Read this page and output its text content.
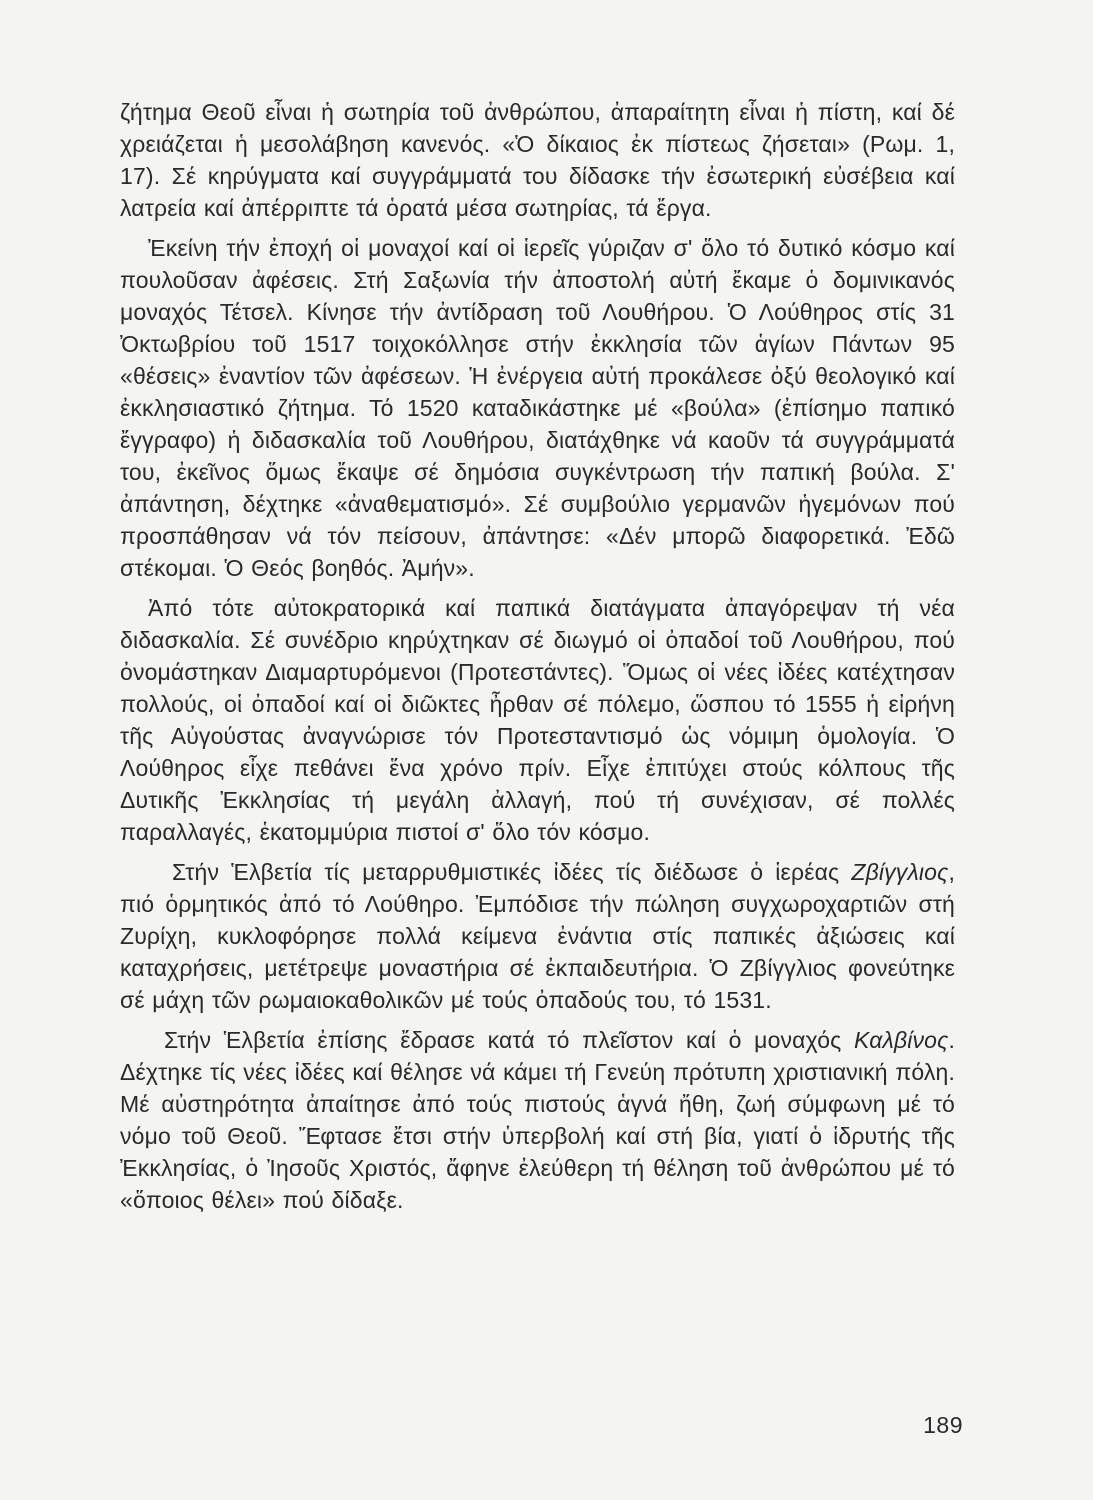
ζήτημα Θεοῦ εἶναι ἡ σωτηρία τοῦ ἀνθρώπου, ἀπαραίτητη εἶναι ἡ πίστη, καί δέ χρειάζεται ἡ μεσολάβηση κανενός. «Ὁ δίκαιος ἐκ πίστεως ζήσεται» (Ρωμ. 1, 17). Σέ κηρύγματα καί συγγράμματά του δίδασκε τήν ἐσωτερική εὐσέβεια καί λατρεία καί ἀπέρριπτε τά ὁρατά μέσα σωτηρίας, τά ἔργα.

Ἐκείνη τήν ἐποχή οἱ μοναχοί καί οἱ ἱερεῖς γύριζαν σ' ὅλο τό δυτικό κόσμο καί πουλοῦσαν ἀφέσεις. Στή Σαξωνία τήν ἀποστολή αὐτή ἔκαμε ὁ δομινικανός μοναχός Τέτσελ. Κίνησε τήν ἀντίδραση τοῦ Λουθήρου. Ὁ Λούθηρος στίς 31 Ὀκτωβρίου τοῦ 1517 τοιχοκόλλησε στήν ἐκκλησία τῶν ἁγίων Πάντων 95 «θέσεις» ἐναντίον τῶν ἀφέσεων. Ἡ ἐνέργεια αὐτή προκάλεσε ὀξύ θεολογικό καί ἐκκλησιαστικό ζήτημα. Τό 1520 καταδικάστηκε μέ «βούλα» (ἐπίσημο παπικό ἔγγραφο) ἡ διδασκαλία τοῦ Λουθήρου, διατάχθηκε νά καοῦν τά συγγράμματά του, ἐκεῖνος ὅμως ἔκαψε σέ δημόσια συγκέντρωση τήν παπική βούλα. Σ' ἀπάντηση, δέχτηκε «ἀναθεματισμό». Σέ συμβούλιο γερμανῶν ἡγεμόνων πού προσπάθησαν νά τόν πείσουν, ἀπάντησε: «Δέν μπορῶ διαφορετικά. Ἐδῶ στέκομαι. Ὁ Θεός βοηθός. Ἀμήν».

Ἀπό τότε αὐτοκρατορικά καί παπικά διατάγματα ἀπαγόρεψαν τή νέα διδασκαλία. Σέ συνέδριο κηρύχτηκαν σέ διωγμό οἱ ὀπαδοί τοῦ Λουθήρου, πού ὀνομάστηκαν Διαμαρτυρόμενοι (Προτεστάντες). Ὅμως οἱ νέες ἰδέες κατέχτησαν πολλούς, οἱ ὀπαδοί καί οἱ διῶκτες ἦρθαν σέ πόλεμο, ὥσπου τό 1555 ἡ εἰρήνη τῆς Αὐγούστας ἀναγνώρισε τόν Προτεσταντισμό ὡς νόμιμη ὁμολογία. Ὁ Λούθηρος εἶχε πεθάνει ἕνα χρόνο πρίν. Εἶχε ἐπιτύχει στούς κόλπους τῆς Δυτικῆς Ἐκκλησίας τή μεγάλη ἀλλαγή, πού τή συνέχισαν, σέ πολλές παραλλαγές, ἑκατομμύρια πιστοί σ' ὅλο τόν κόσμο.

Στήν Ἑλβετία τίς μεταρρυθμιστικές ἰδέες τίς διέδωσε ὁ ἱερέας Ζβίγγλιος, πιό ὁρμητικός ἀπό τό Λούθηρο. Ἐμπόδισε τήν πώληση συγχωροχαρτιῶν στή Ζυρίχη, κυκλοφόρησε πολλά κείμενα ἐνάντια στίς παπικές ἀξιώσεις καί καταχρήσεις, μετέτρεψε μοναστήρια σέ ἐκπαιδευτήρια. Ὁ Ζβίγγλιος φονεύτηκε σέ μάχη τῶν ρωμαιοκαθολικῶν μέ τούς ὀπαδούς του, τό 1531.

Στήν Ἑλβετία ἐπίσης ἔδρασε κατά τό πλεῖστον καί ὁ μοναχός Καλβίνος. Δέχτηκε τίς νέες ἰδέες καί θέλησε νά κάμει τή Γενεύη πρότυπη χριστιανική πόλη. Μέ αὐστηρότητα ἀπαίτησε ἀπό τούς πιστούς ἁγνά ἤθη, ζωή σύμφωνη μέ τό νόμο τοῦ Θεοῦ. Ἔφτασε ἔτσι στήν ὑπερβολή καί στή βία, γιατί ὁ ἱδρυτής τῆς Ἐκκλησίας, ὁ Ἰησοῦς Χριστός, ἄφηνε ἐλεύθερη τή θέληση τοῦ ἀνθρώπου μέ τό «ὅποιος θέλει» πού δίδαξε.

189
